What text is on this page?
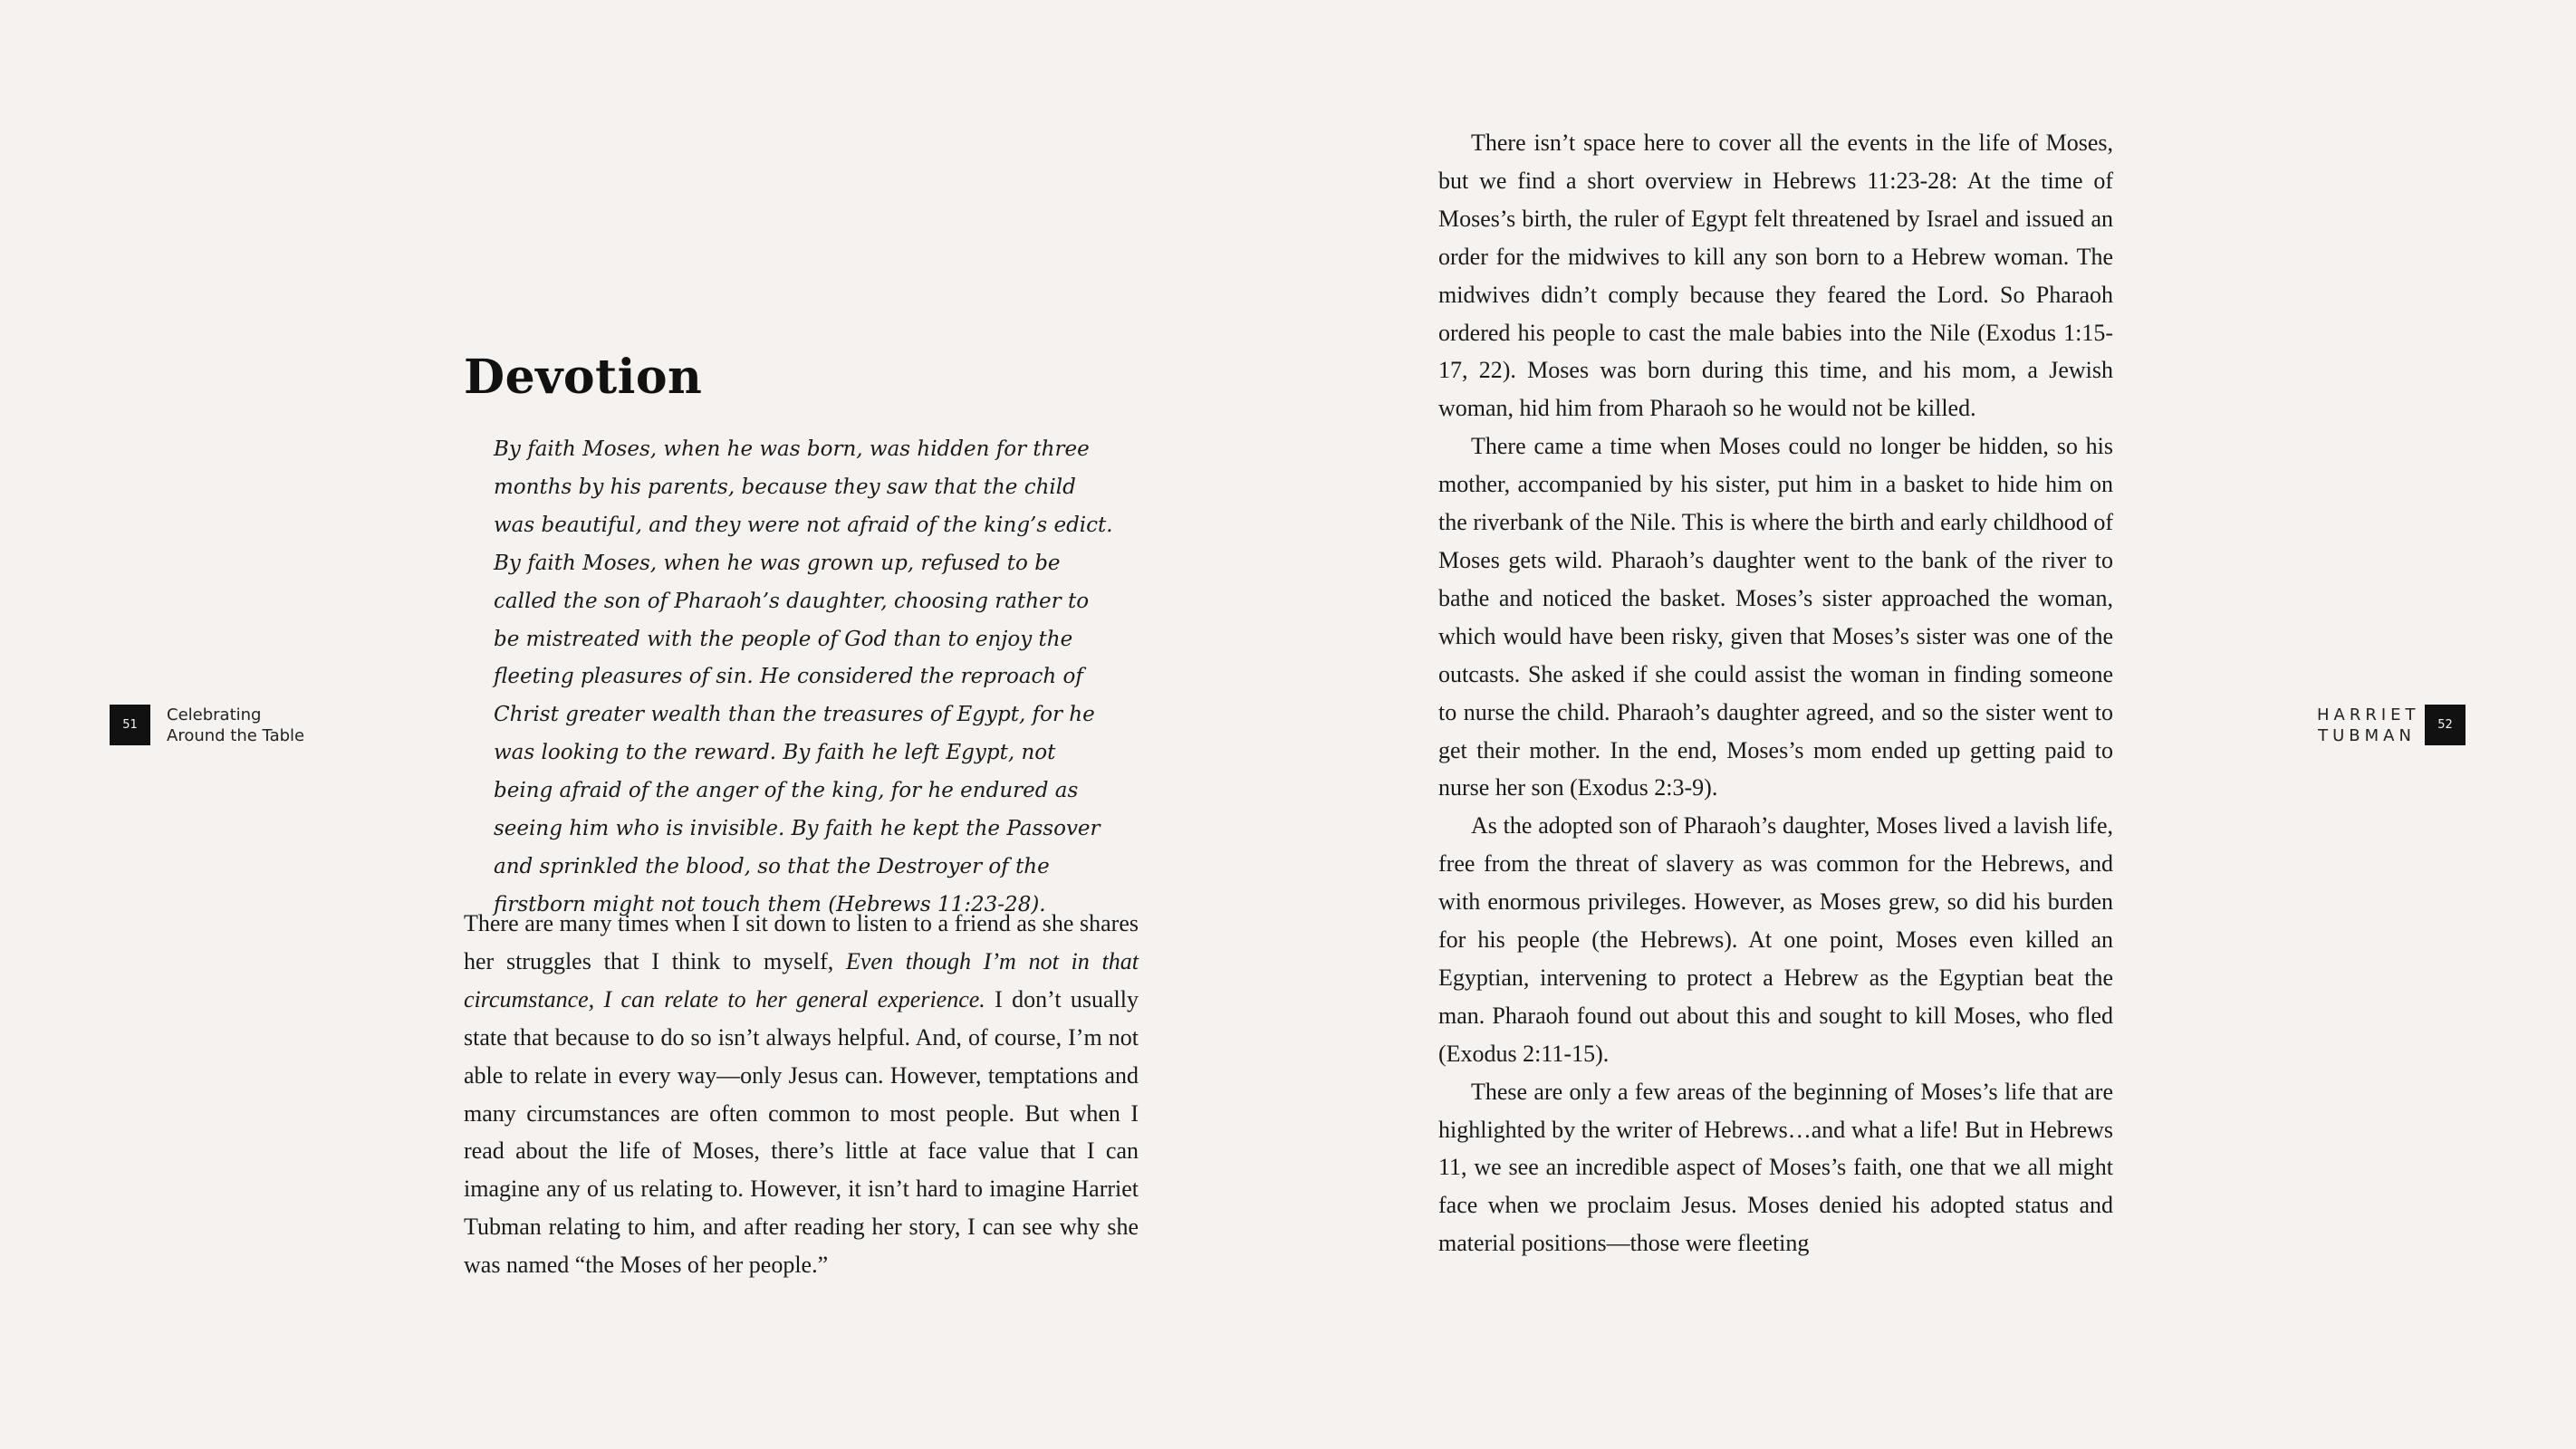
51
Celebrating
Around the Table
Devotion

By faith Moses, when he was born, was hidden for three months by his parents, because they saw that the child was beautiful, and they were not afraid of the king’s edict. By faith Moses, when he was grown up, refused to be called the son of Pharaoh’s daughter, choosing rather to be mistreated with the people of God than to enjoy the fleeting pleasures of sin. He considered the reproach of Christ greater wealth than the treasures of Egypt, for he was looking to the reward. By faith he left Egypt, not being afraid of the anger of the king, for he endured as seeing him who is invisible. By faith he kept the Passover and sprinkled the blood, so that the Destroyer of the firstborn might not touch them (Hebrews 11:23-28).

There are many times when I sit down to listen to a friend as she shares her struggles that I think to myself, Even though I’m not in that circumstance, I can relate to her general experience. I don’t usually state that because to do so isn’t always helpful. And, of course, I’m not able to relate in every way—only Jesus can. However, temptations and many circumstances are often common to most people. But when I read about the life of Moses, there’s little at face value that I can imagine any of us relating to. However, it isn’t hard to imagine Harriet Tubman relating to him, and after reading her story, I can see why she was named “the Moses of her people.”

There isn’t space here to cover all the events in the life of Moses, but we find a short overview in Hebrews 11:23-28: At the time of Moses’s birth, the ruler of Egypt felt threatened by Israel and issued an order for the midwives to kill any son born to a Hebrew woman. The midwives didn’t comply because they feared the Lord. So Pharaoh ordered his people to cast the male babies into the Nile (Exodus 1:15-17, 22). Moses was born during this time, and his mom, a Jewish woman, hid him from Pharaoh so he would not be killed.

There came a time when Moses could no longer be hidden, so his mother, accompanied by his sister, put him in a basket to hide him on the riverbank of the Nile. This is where the birth and early childhood of Moses gets wild. Pharaoh’s daughter went to the bank of the river to bathe and noticed the basket. Moses’s sister approached the woman, which would have been risky, given that Moses’s sister was one of the outcasts. She asked if she could assist the woman in finding someone to nurse the child. Pharaoh’s daughter agreed, and so the sister went to get their mother. In the end, Moses’s mom ended up getting paid to nurse her son (Exodus 2:3-9).

As the adopted son of Pharaoh’s daughter, Moses lived a lavish life, free from the threat of slavery as was common for the Hebrews, and with enormous privileges. However, as Moses grew, so did his burden for his people (the Hebrews). At one point, Moses even killed an Egyptian, intervening to protect a Hebrew as the Egyptian beat the man. Pharaoh found out about this and sought to kill Moses, who fled (Exodus 2:11-15).

These are only a few areas of the beginning of Moses’s life that are highlighted by the writer of Hebrews…and what a life! But in Hebrews 11, we see an incredible aspect of Moses’s faith, one that we all might face when we proclaim Jesus. Moses denied his adopted status and material positions—those were fleeting

HARRIET
TUBMAN
52
